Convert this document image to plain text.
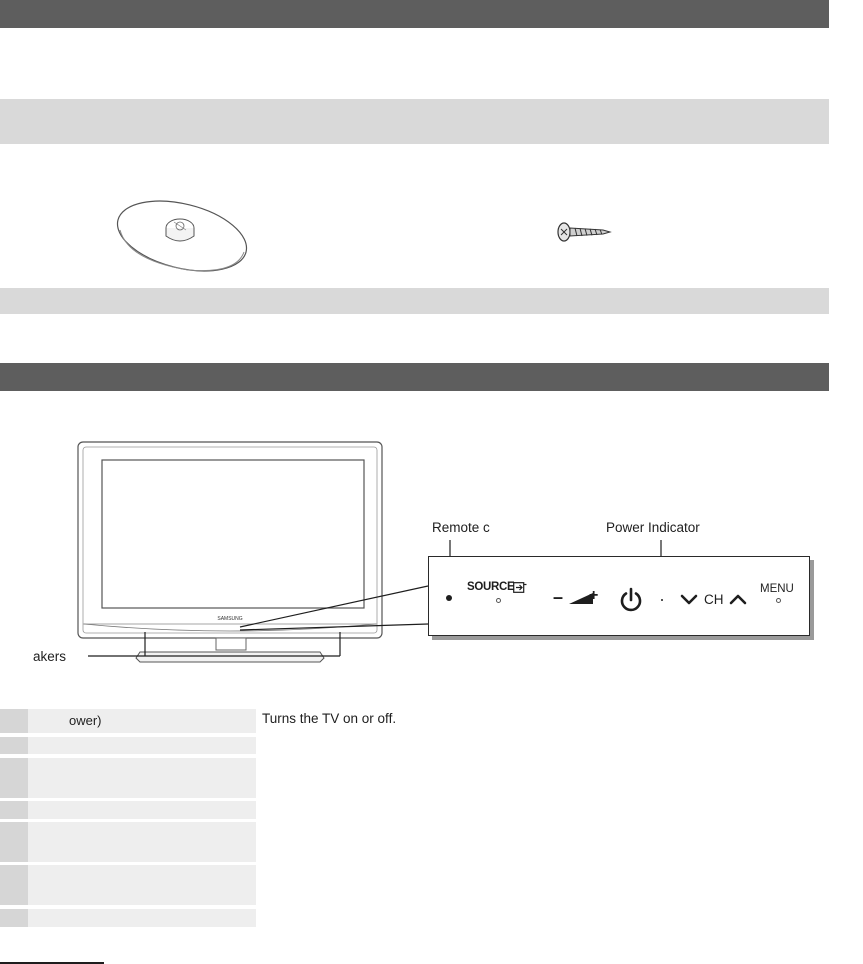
SAMSUNG
SOURCE – +	CH
MENU
Remote c	Power Indicator
akers
ower)	Turns the TV on or off.
